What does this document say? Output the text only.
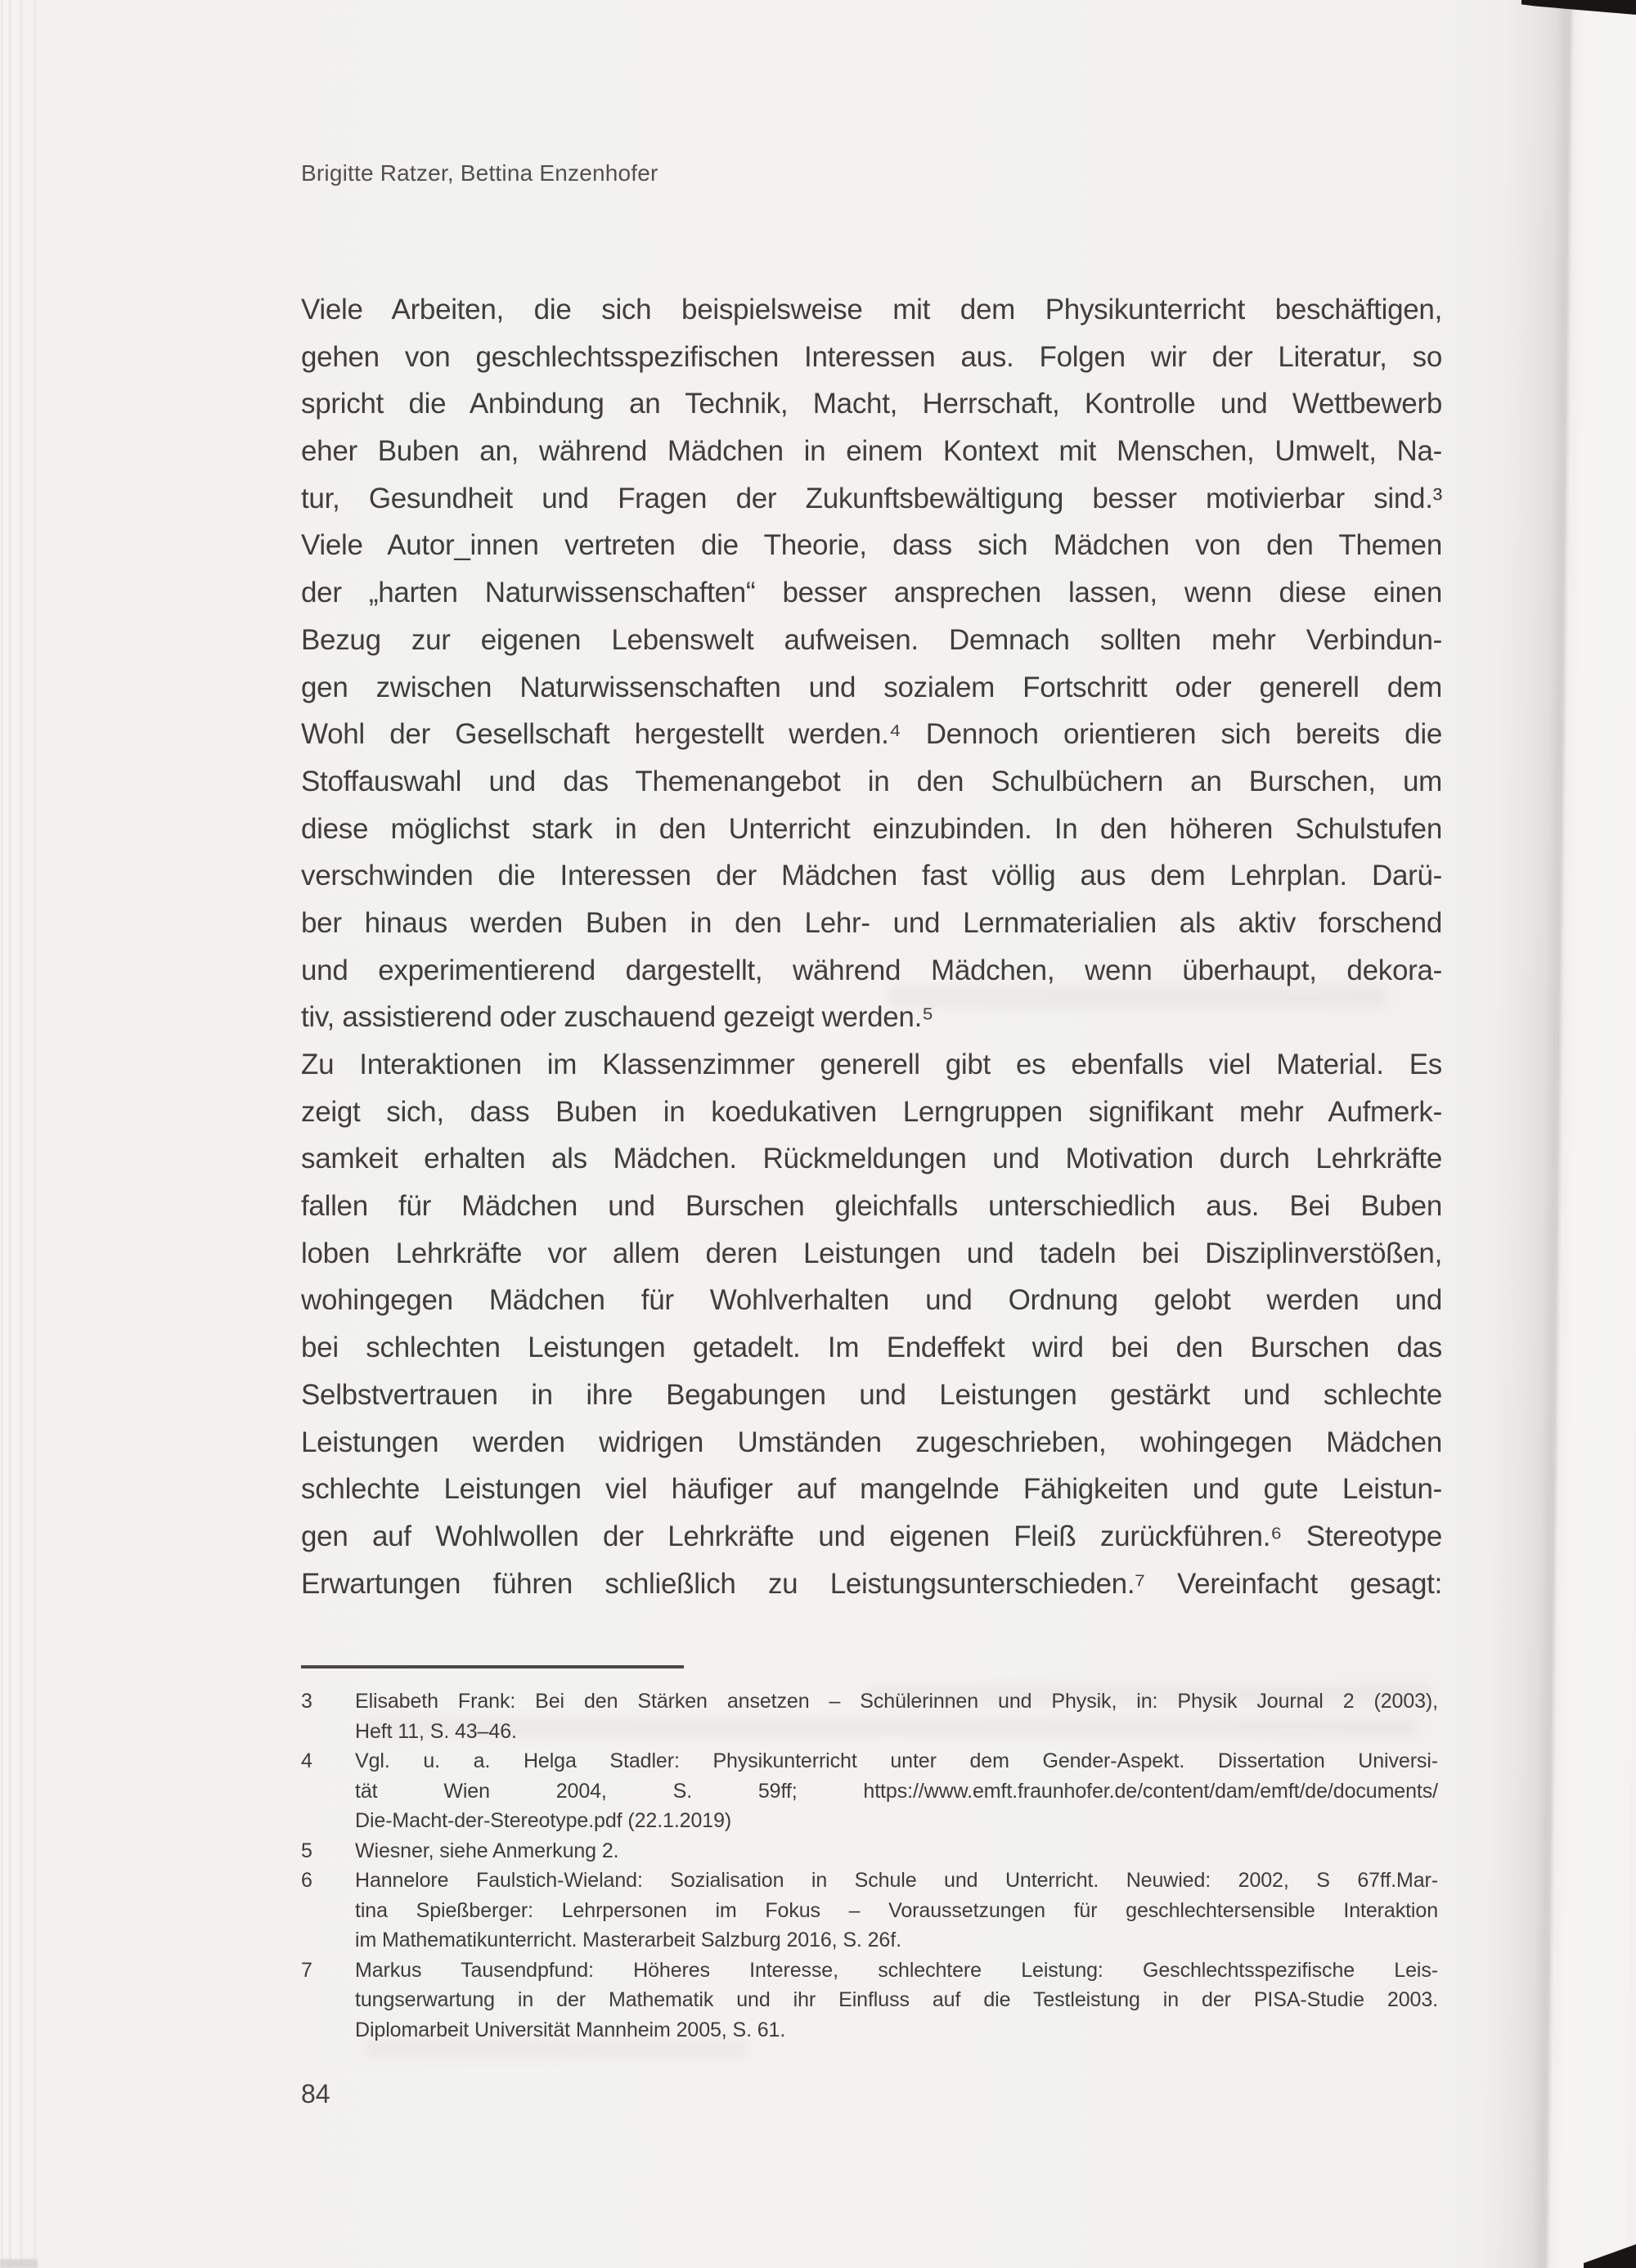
Brigitte Ratzer, Bettina Enzenhofer
Viele Arbeiten, die sich beispielsweise mit dem Physikunterricht beschäftigen,
gehen von geschlechtsspezifischen Interessen aus. Folgen wir der Literatur, so
spricht die Anbindung an Technik, Macht, Herrschaft, Kontrolle und Wettbewerb
eher Buben an, während Mädchen in einem Kontext mit Menschen, Umwelt, Na-
tur, Gesundheit und Fragen der Zukunftsbewältigung besser motivierbar sind.³
Viele Autor_innen vertreten die Theorie, dass sich Mädchen von den Themen
der „harten Naturwissenschaften“ besser ansprechen lassen, wenn diese einen
Bezug zur eigenen Lebenswelt aufweisen. Demnach sollten mehr Verbindun-
gen zwischen Naturwissenschaften und sozialem Fortschritt oder generell dem
Wohl der Gesellschaft hergestellt werden.⁴ Dennoch orientieren sich bereits die
Stoffauswahl und das Themenangebot in den Schulbüchern an Burschen, um
diese möglichst stark in den Unterricht einzubinden. In den höheren Schulstufen
verschwinden die Interessen der Mädchen fast völlig aus dem Lehrplan. Darü-
ber hinaus werden Buben in den Lehr- und Lernmaterialien als aktiv forschend
und experimentierend dargestellt, während Mädchen, wenn überhaupt, dekora-
tiv, assistierend oder zuschauend gezeigt werden.⁵
Zu Interaktionen im Klassenzimmer generell gibt es ebenfalls viel Material. Es
zeigt sich, dass Buben in koedukativen Lerngruppen signifikant mehr Aufmerk-
samkeit erhalten als Mädchen. Rückmeldungen und Motivation durch Lehrkräfte
fallen für Mädchen und Burschen gleichfalls unterschiedlich aus. Bei Buben
loben Lehrkräfte vor allem deren Leistungen und tadeln bei Disziplinverstößen,
wohingegen Mädchen für Wohlverhalten und Ordnung gelobt werden und
bei schlechten Leistungen getadelt. Im Endeffekt wird bei den Burschen das
Selbstvertrauen in ihre Begabungen und Leistungen gestärkt und schlechte
Leistungen werden widrigen Umständen zugeschrieben, wohingegen Mädchen
schlechte Leistungen viel häufiger auf mangelnde Fähigkeiten und gute Leistun-
gen auf Wohlwollen der Lehrkräfte und eigenen Fleiß zurückführen.⁶ Stereotype
Erwartungen führen schließlich zu Leistungsunterschieden.⁷ Vereinfacht gesagt:
3 Elisabeth Frank: Bei den Stärken ansetzen – Schülerinnen und Physik, in: Physik Journal 2 (2003),
Heft 11, S. 43–46.
4 Vgl. u. a. Helga Stadler: Physikunterricht unter dem Gender-Aspekt. Dissertation Universi-
tät Wien 2004, S. 59ff; https://www.emft.fraunhofer.de/content/dam/emft/de/documents/
Die-Macht-der-Stereotype.pdf (22.1.2019)
5 Wiesner, siehe Anmerkung 2.
6 Hannelore Faulstich-Wieland: Sozialisation in Schule und Unterricht. Neuwied: 2002, S 67ff.Mar-
tina Spießberger: Lehrpersonen im Fokus – Voraussetzungen für geschlechtersensible Interaktion
im Mathematikunterricht. Masterarbeit Salzburg 2016, S. 26f.
7 Markus Tausendpfund: Höheres Interesse, schlechtere Leistung: Geschlechtsspezifische Leis-
tungserwartung in der Mathematik und ihr Einfluss auf die Testleistung in der PISA-Studie 2003.
Diplomarbeit Universität Mannheim 2005, S. 61.
84
